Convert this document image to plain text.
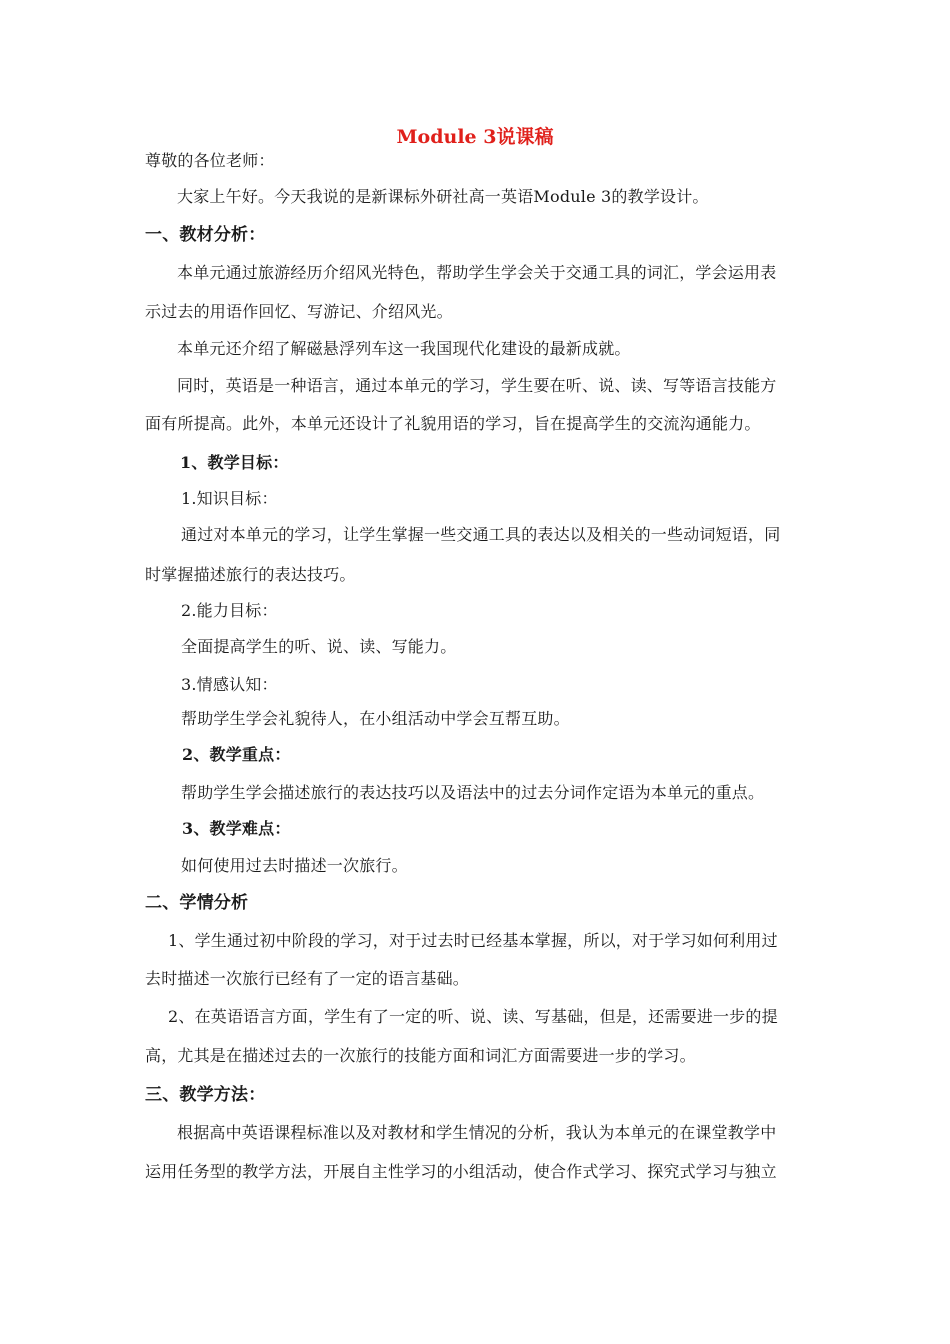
Module 3说课稿
尊敬的各位老师：
大家上午好。今天我说的是新课标外研社高一英语Module 3的教学设计。
一、教材分析：
本单元通过旅游经历介绍风光特色，帮助学生学会关于交通工具的词汇，学会运用表
示过去的用语作回忆、写游记、介绍风光。
本单元还介绍了解磁悬浮列车这一我国现代化建设的最新成就。
同时，英语是一种语言，通过本单元的学习，学生要在听、说、读、写等语言技能方
面有所提高。此外，本单元还设计了礼貌用语的学习，旨在提高学生的交流沟通能力。
1、教学目标：
1.知识目标：
通过对本单元的学习，让学生掌握一些交通工具的表达以及相关的一些动词短语，同
时掌握描述旅行的表达技巧。
2.能力目标：
全面提高学生的听、说、读、写能力。
3.情感认知：
帮助学生学会礼貌待人，在小组活动中学会互帮互助。
2、教学重点：
帮助学生学会描述旅行的表达技巧以及语法中的过去分词作定语为本单元的重点。
3、教学难点：
如何使用过去时描述一次旅行。
二、学情分析
1、学生通过初中阶段的学习，对于过去时已经基本掌握，所以，对于学习如何利用过
去时描述一次旅行已经有了一定的语言基础。
2、在英语语言方面，学生有了一定的听、说、读、写基础，但是，还需要进一步的提
高，尤其是在描述过去的一次旅行的技能方面和词汇方面需要进一步的学习。
三、教学方法：
根据高中英语课程标准以及对教材和学生情况的分析，我认为本单元的在课堂教学中
运用任务型的教学方法，开展自主性学习的小组活动，使合作式学习、探究式学习与独立
